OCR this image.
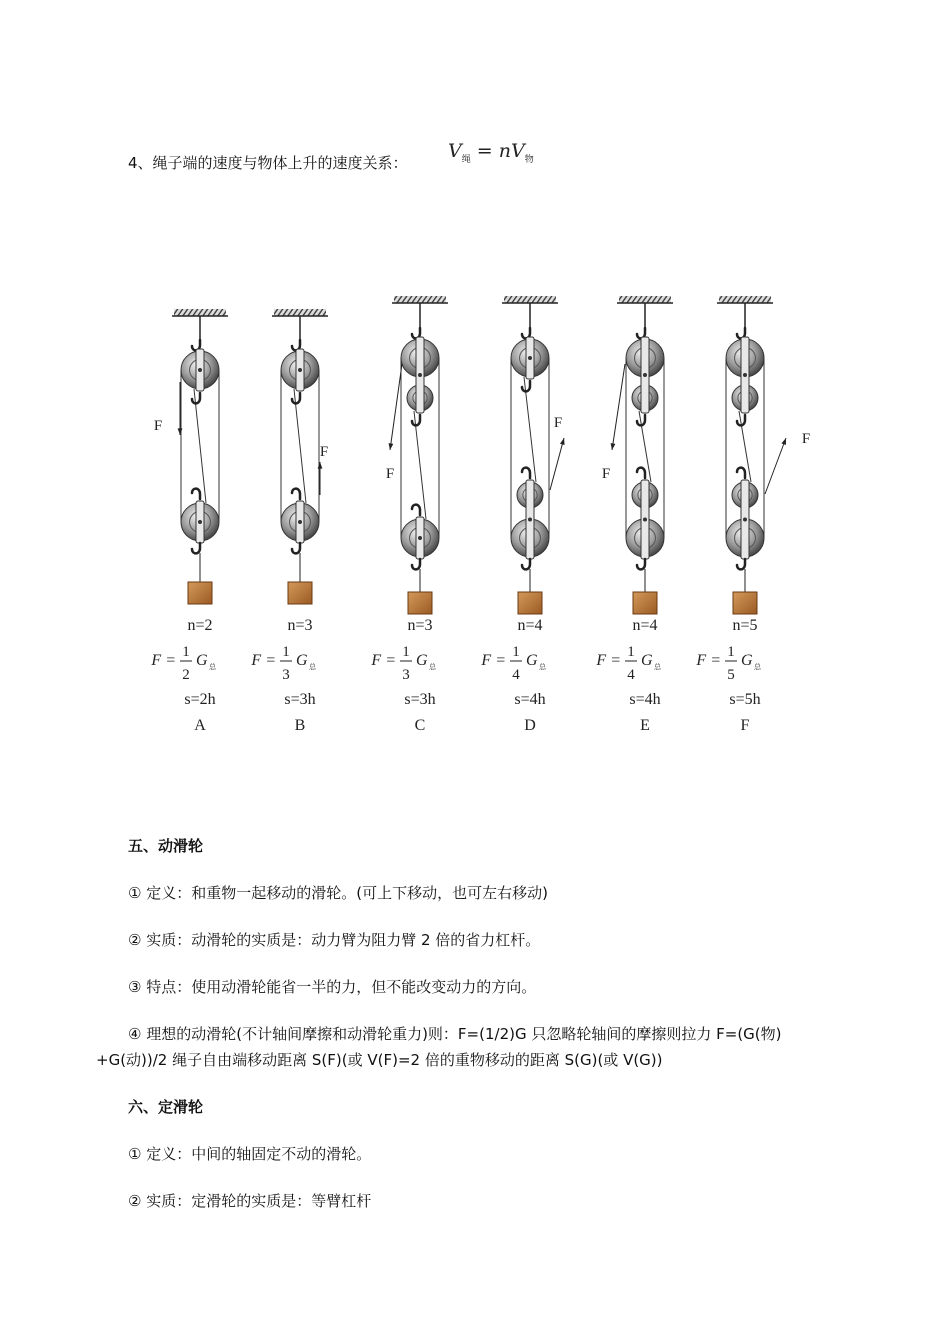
4、绳子端的速度与物体上升的速度关系：
$V_绳 = nV_物$
F
n=2
F = 1
2
G 总
s=2h
A
F
n=3
F = 1
3
G 总
s=3h
B
F
n=3
F = 1
3
G 总
s=3h
C
F
n=4
F = 1
4
G 总
s=4h
D
F
n=4
F = 1
4
G 总
s=4h
E
F
n=5
F = 1
5
G 总
s=5h
F
五、动滑轮
① 定义：和重物一起移动的滑轮。(可上下移动，也可左右移动)
② 实质：动滑轮的实质是：动力臂为阻力臂 2 倍的省力杠杆。
③ 特点：使用动滑轮能省一半的力，但不能改变动力的方向。
④ 理想的动滑轮(不计轴间摩擦和动滑轮重力)则：F=(1/2)G 只忽略轮轴间的摩擦则拉力 F=(G(物)
+G(动))/2 绳子自由端移动距离 S(F)(或 V(F)=2 倍的重物移动的距离 S(G)(或 V(G))
六、定滑轮
① 定义：中间的轴固定不动的滑轮。
② 实质：定滑轮的实质是：等臂杠杆
